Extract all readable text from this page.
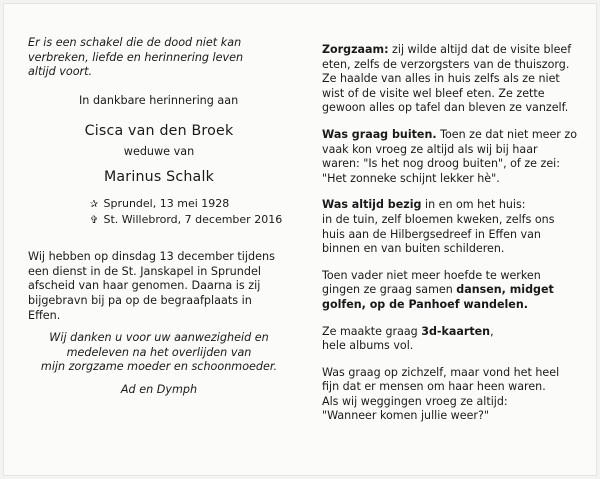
Er is een schakel die de dood niet kan
verbreken, liefde en herinnering leven
altijd voort.
In dankbare herinnering aan
Cisca van den Broek
weduwe van
Marinus Schalk
✰ Sprundel, 13 mei 1928
✞ St. Willebrord, 7 december 2016
Wij hebben op dinsdag 13 december tijdens
een dienst in de St. Janskapel in Sprundel
afscheid van haar genomen. Daarna is zij
bijgebravn bij pa op de begraafplaats in
Effen.
Wij danken u voor uw aanwezigheid en
medeleven na het overlijden van
mijn zorgzame moeder en schoonmoeder.
Ad en Dymph

Zorgzaam: zij wilde altijd dat de visite bleef
eten, zelfs de verzorgsters van de thuiszorg.
Ze haalde van alles in huis zelfs als ze niet
wist of de visite wel bleef eten. Ze zette
gewoon alles op tafel dan bleven ze vanzelf.

Was graag buiten. Toen ze dat niet meer zo
vaak kon vroeg ze altijd als wij bij haar
waren: "Is het nog droog buiten", of ze zei:
"Het zonneke schijnt lekker hè".

Was altijd bezig in en om het huis:
in de tuin, zelf bloemen kweken, zelfs ons
huis aan de Hilbergsedreef in Effen van
binnen en van buiten schilderen.

Toen vader niet meer hoefde te werken
gingen ze graag samen dansen, midget
golfen, op de Panhoef wandelen.

Ze maakte graag 3d-kaarten,
hele albums vol.

Was graag op zichzelf, maar vond het heel
fijn dat er mensen om haar heen waren.
Als wij weggingen vroeg ze altijd:
"Wanneer komen jullie weer?"
